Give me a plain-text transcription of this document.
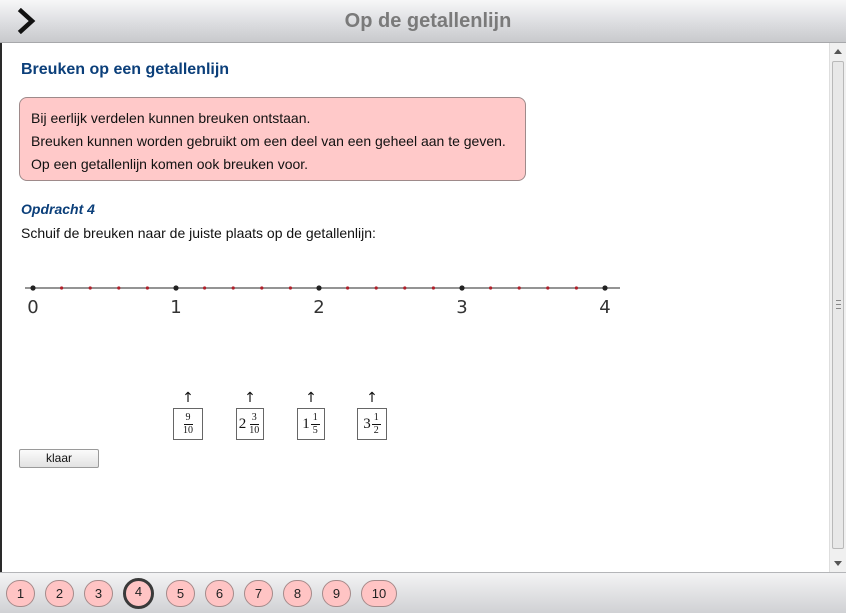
Op de getallenlijn
Breuken op een getallenlijn
Bij eerlijk verdelen kunnen breuken ontstaan.
Breuken kunnen worden gebruikt om een deel van een geheel aan te geven.
Op een getallenlijn komen ook breuken voor.
Opdracht 4
Schuif de breuken naar de juiste plaats op de getallenlijn:
0	1	2	3	4
↑
$\frac{9}{10}$
↑
$2 \frac{3}{10}$
↑
$1 \frac{1}{5}$
↑
$3 \frac{1}{2}$
klaar
1	2	3	4	5	6	7	8	9	10
